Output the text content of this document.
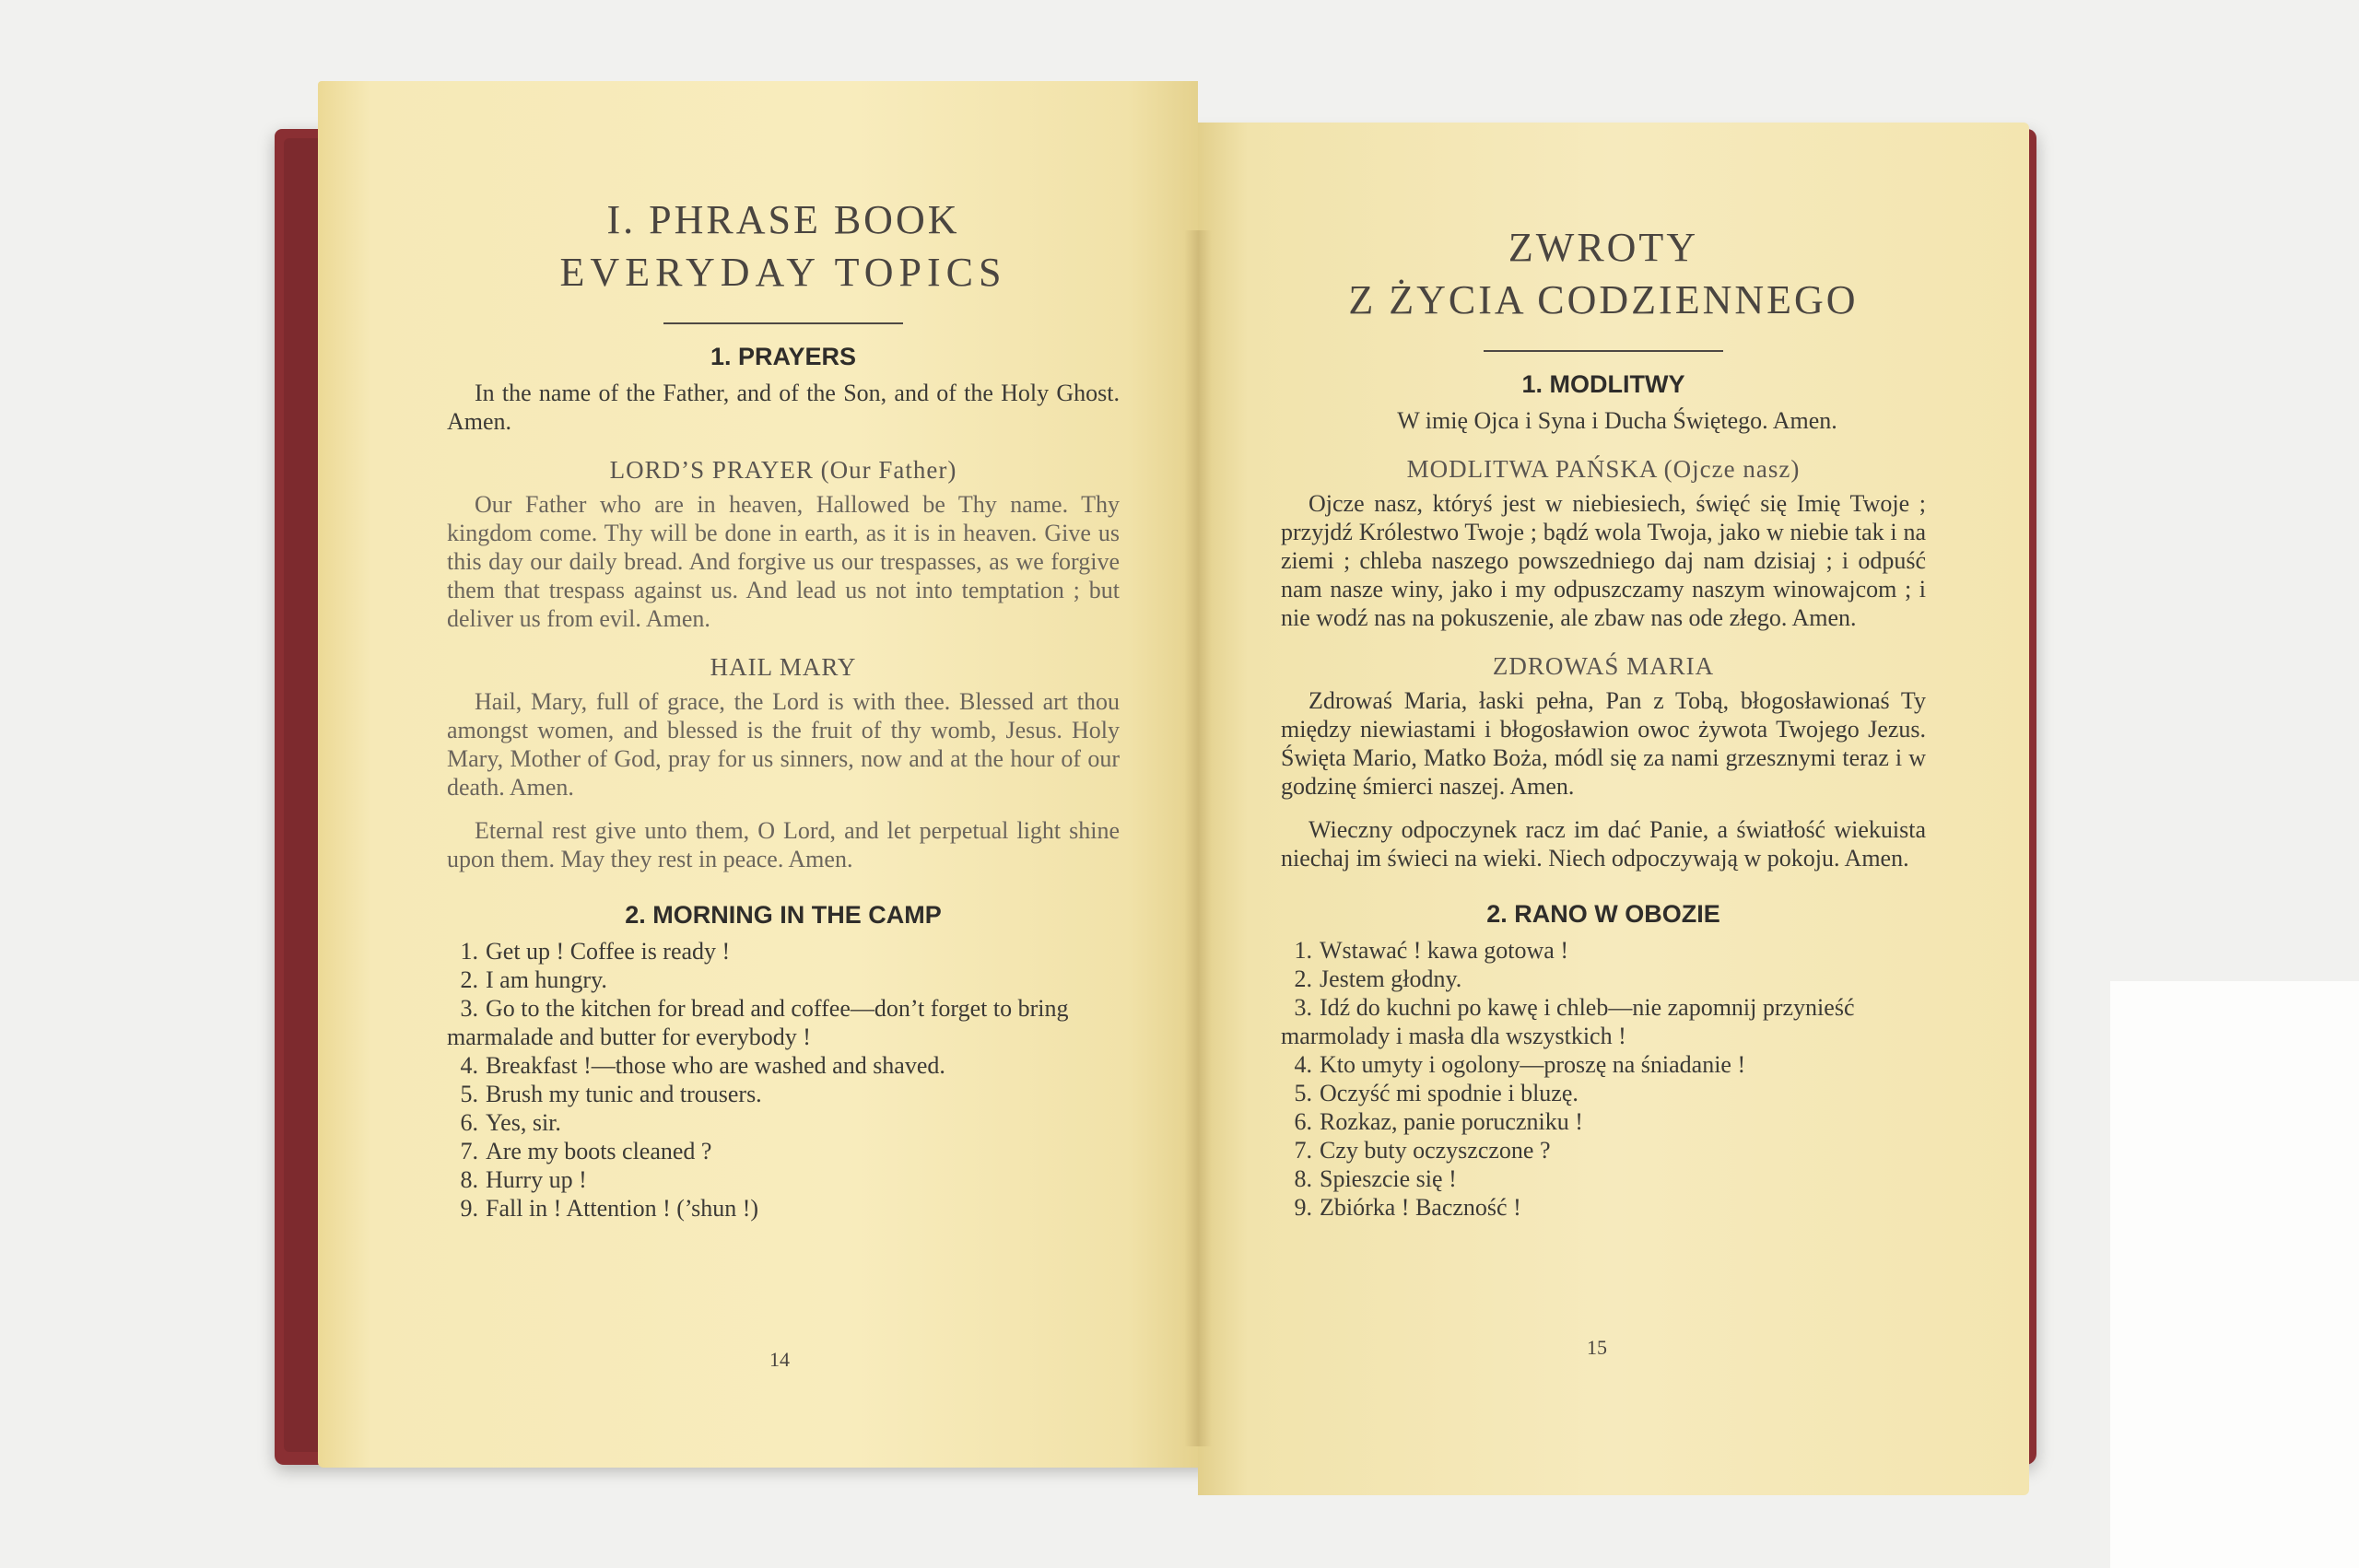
I. PHRASE BOOK
EVERYDAY TOPICS
1. PRAYERS

In the name of the Father, and of the Son, and of the Holy Ghost. Amen.

LORD’S PRAYER (Our Father)

Our Father who are in heaven, Hallowed be Thy name. Thy kingdom come. Thy will be done in earth, as it is in heaven. Give us this day our daily bread. And forgive us our trespasses, as we forgive them that trespass against us. And lead us not into temptation ; but deliver us from evil. Amen.

HAIL MARY

Hail, Mary, full of grace, the Lord is with thee. Blessed art thou amongst women, and blessed is the fruit of thy womb, Jesus. Holy Mary, Mother of God, pray for us sinners, now and at the hour of our death. Amen.

Eternal rest give unto them, O Lord, and let perpetual light shine upon them. May they rest in peace. Amen.

2. MORNING IN THE CAMP
1. Get up ! Coffee is ready !
2. I am hungry.
3. Go to the kitchen for bread and coffee—don’t forget to bring marmalade and butter for everybody !
4. Breakfast !—those who are washed and shaved.
5. Brush my tunic and trousers.
6. Yes, sir.
7. Are my boots cleaned ?
8. Hurry up !
9. Fall in ! Attention ! (’shun !)
14
ZWROTY
Z ŻYCIA CODZIENNEGO
1. MODLITWY

W imię Ojca i Syna i Ducha Świętego. Amen.

MODLITWA PAŃSKA (Ojcze nasz)

Ojcze nasz, któryś jest w niebiesiech, święć się Imię Twoje ; przyjdź Królestwo Twoje ; bądź wola Twoja, jako w niebie tak i na ziemi ; chleba naszego powszedniego daj nam dzisiaj ; i odpuść nam nasze winy, jako i my odpuszczamy naszym winowajcom ; i nie wodź nas na pokuszenie, ale zbaw nas ode złego. Amen.

ZDROWAŚ MARIA

Zdrowaś Maria, łaski pełna, Pan z Tobą, błogosławionaś Ty między niewiastami i błogosławion owoc żywota Twojego Jezus. Święta Mario, Matko Boża, módl się za nami grzesznymi teraz i w godzinę śmierci naszej. Amen.

Wieczny odpoczynek racz im dać Panie, a światłość wiekuista niechaj im świeci na wieki. Niech odpoczywają w pokoju. Amen.

2. RANO W OBOZIE
1. Wstawać ! kawa gotowa !
2. Jestem głodny.
3. Idź do kuchni po kawę i chleb—nie zapomnij przynieść marmolady i masła dla wszystkich !
4. Kto umyty i ogolony—proszę na śniadanie !
5. Oczyść mi spodnie i bluzę.
6. Rozkaz, panie poruczniku !
7. Czy buty oczyszczone ?
8. Spieszcie się !
9. Zbiórka ! Baczność !
15
